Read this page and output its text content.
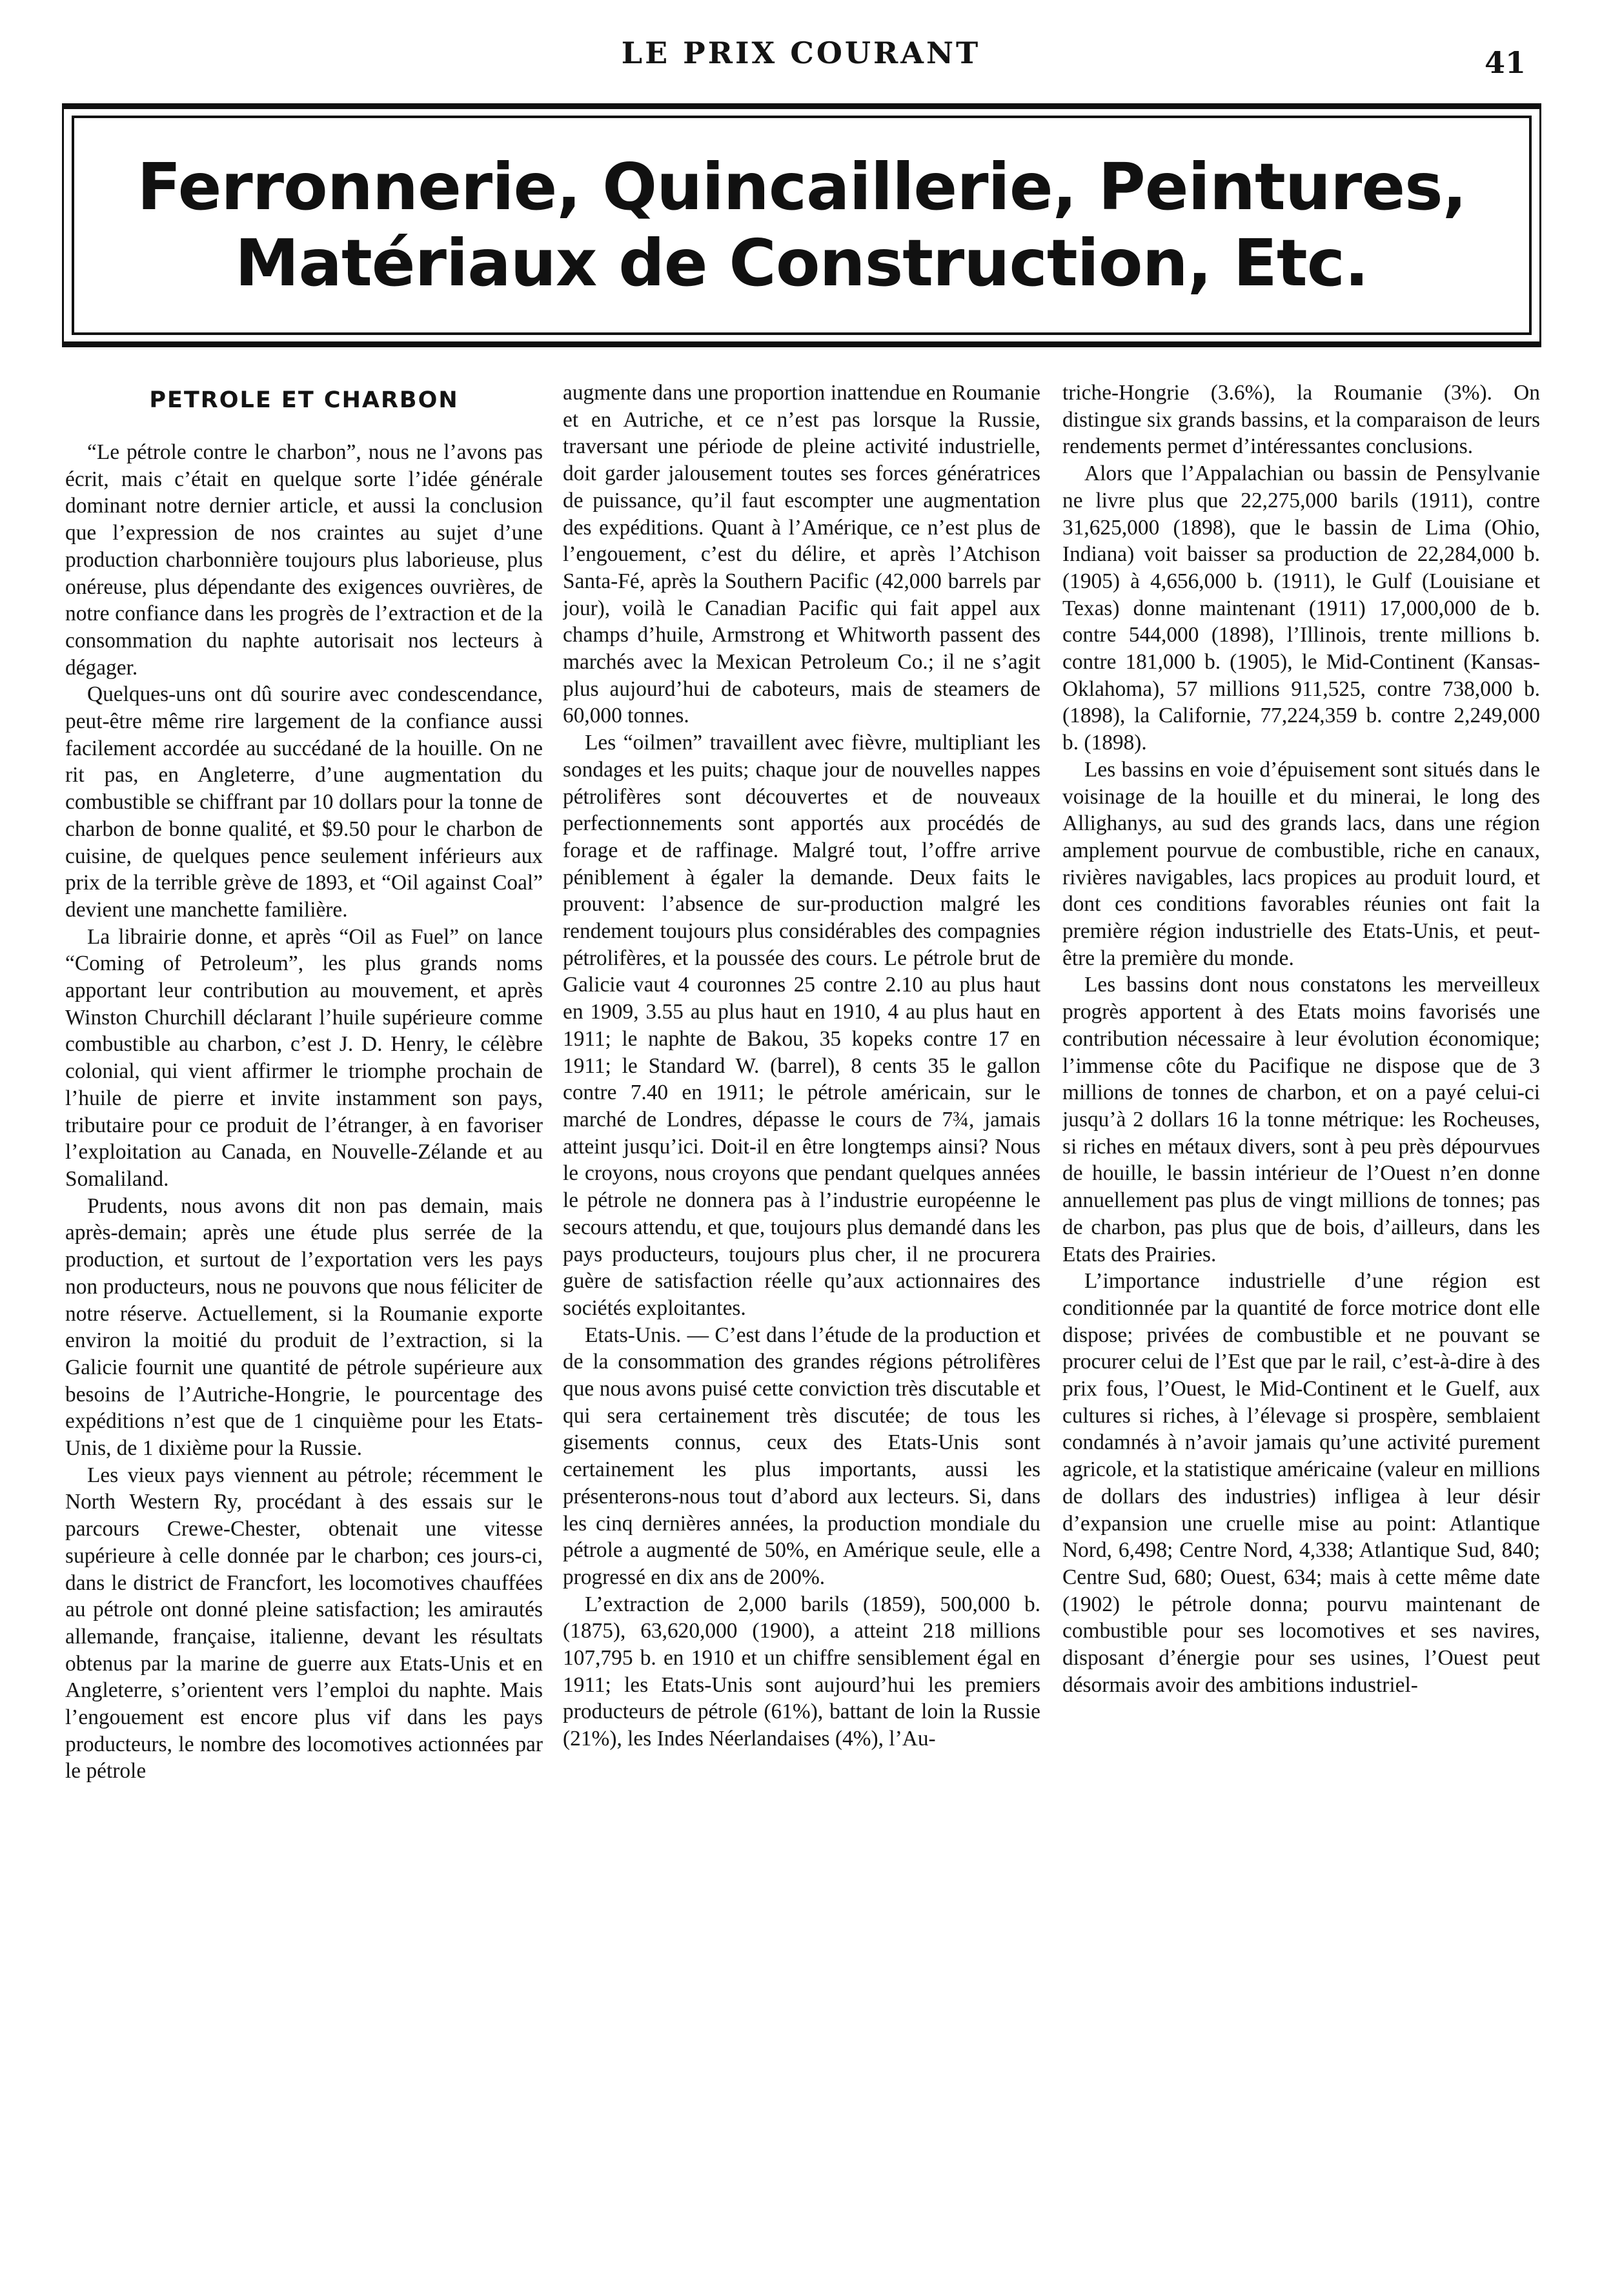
LE PRIX COURANT	41
Ferronnerie, Quincaillerie, Peintures,
Matériaux de Construction, Etc.
PETROLE ET CHARBON

“Le pétrole contre le charbon”, nous ne l’avons pas écrit, mais c’était en quelque sorte l’idée générale dominant notre dernier article, et aussi la conclusion que l’expression de nos craintes au sujet d’une production charbonnière toujours plus laborieuse, plus onéreuse, plus dépendante des exigences ouvrières, de notre confiance dans les progrès de l’extraction et de la consommation du naphte autorisait nos lecteurs à dégager.

Quelques-uns ont dû sourire avec condescendance, peut-être même rire largement de la confiance aussi facilement accordée au succédané de la houille. On ne rit pas, en Angleterre, d’une augmentation du combustible se chiffrant par 10 dollars pour la tonne de charbon de bonne qualité, et $9.50 pour le charbon de cuisine, de quelques pence seulement inférieurs aux prix de la terrible grève de 1893, et “Oil against Coal” devient une manchette familière.

La librairie donne, et après “Oil as Fuel” on lance “Coming of Petroleum”, les plus grands noms apportant leur contribution au mouvement, et après Winston Churchill déclarant l’huile supérieure comme combustible au charbon, c’est J. D. Henry, le célèbre colonial, qui vient affirmer le triomphe prochain de l’huile de pierre et invite instamment son pays, tributaire pour ce produit de l’étranger, à en favoriser l’exploitation au Canada, en Nouvelle-Zélande et au Somaliland.

Prudents, nous avons dit non pas demain, mais après-demain; après une étude plus serrée de la production, et surtout de l’exportation vers les pays non producteurs, nous ne pouvons que nous féliciter de notre réserve. Actuellement, si la Roumanie exporte environ la moitié du produit de l’extraction, si la Galicie fournit une quantité de pétrole supérieure aux besoins de l’Autriche-Hongrie, le pourcentage des expéditions n’est que de 1 cinquième pour les Etats-Unis, de 1 dixième pour la Russie.

Les vieux pays viennent au pétrole; récemment le North Western Ry, procédant à des essais sur le parcours Crewe-Chester, obtenait une vitesse supérieure à celle donnée par le charbon; ces jours-ci, dans le district de Francfort, les locomotives chauffées au pétrole ont donné pleine satisfaction; les amirautés allemande, française, italienne, devant les résultats obtenus par la marine de guerre aux Etats-Unis et en Angleterre, s’orientent vers l’emploi du naphte. Mais l’engouement est encore plus vif dans les pays producteurs, le nombre des locomotives actionnées par le pétrole

augmente dans une proportion inattendue en Roumanie et en Autriche, et ce n’est pas lorsque la Russie, traversant une période de pleine activité industrielle, doit garder jalousement toutes ses forces génératrices de puissance, qu’il faut escompter une augmentation des expéditions. Quant à l’Amérique, ce n’est plus de l’engouement, c’est du délire, et après l’Atchison Santa-Fé, après la Southern Pacific (42,000 barrels par jour), voilà le Canadian Pacific qui fait appel aux champs d’huile, Armstrong et Whitworth passent des marchés avec la Mexican Petroleum Co.; il ne s’agit plus aujourd’hui de caboteurs, mais de steamers de 60,000 tonnes.

Les “oilmen” travaillent avec fièvre, multipliant les sondages et les puits; chaque jour de nouvelles nappes pétrolifères sont découvertes et de nouveaux perfectionnements sont apportés aux procédés de forage et de raffinage. Malgré tout, l’offre arrive péniblement à égaler la demande. Deux faits le prouvent: l’absence de sur-production malgré les rendement toujours plus considérables des compagnies pétrolifères, et la poussée des cours. Le pétrole brut de Galicie vaut 4 couronnes 25 contre 2.10 au plus haut en 1909, 3.55 au plus haut en 1910, 4 au plus haut en 1911; le naphte de Bakou, 35 kopeks contre 17 en 1911; le Standard W. (barrel), 8 cents 35 le gallon contre 7.40 en 1911; le pétrole américain, sur le marché de Londres, dépasse le cours de 7¾, jamais atteint jusqu’ici. Doit-il en être longtemps ainsi? Nous le croyons, nous croyons que pendant quelques années le pétrole ne donnera pas à l’industrie européenne le secours attendu, et que, toujours plus demandé dans les pays producteurs, toujours plus cher, il ne procurera guère de satisfaction réelle qu’aux actionnaires des sociétés exploitantes.

Etats-Unis. — C’est dans l’étude de la production et de la consommation des grandes régions pétrolifères que nous avons puisé cette conviction très discutable et qui sera certainement très discutée; de tous les gisements connus, ceux des Etats-Unis sont certainement les plus importants, aussi les présenterons-nous tout d’abord aux lecteurs. Si, dans les cinq dernières années, la production mondiale du pétrole a augmenté de 50%, en Amérique seule, elle a progressé en dix ans de 200%.

L’extraction de 2,000 barils (1859), 500,000 b. (1875), 63,620,000 (1900), a atteint 218 millions 107,795 b. en 1910 et un chiffre sensiblement égal en 1911; les Etats-Unis sont aujourd’hui les premiers producteurs de pétrole (61%), battant de loin la Russie (21%), les Indes Néerlandaises (4%), l’Au-

triche-Hongrie (3.6%), la Roumanie (3%). On distingue six grands bassins, et la comparaison de leurs rendements permet d’intéressantes conclusions.

Alors que l’Appalachian ou bassin de Pensylvanie ne livre plus que 22,275,000 barils (1911), contre 31,625,000 (1898), que le bassin de Lima (Ohio, Indiana) voit baisser sa production de 22,284,000 b. (1905) à 4,656,000 b. (1911), le Gulf (Louisiane et Texas) donne maintenant (1911) 17,000,000 de b. contre 544,000 (1898), l’Illinois, trente millions b. contre 181,000 b. (1905), le Mid-Continent (Kansas-Oklahoma), 57 millions 911,525, contre 738,000 b. (1898), la Californie, 77,224,359 b. contre 2,249,000 b. (1898).

Les bassins en voie d’épuisement sont situés dans le voisinage de la houille et du minerai, le long des Allighanys, au sud des grands lacs, dans une région amplement pourvue de combustible, riche en canaux, rivières navigables, lacs propices au produit lourd, et dont ces conditions favorables réunies ont fait la première région industrielle des Etats-Unis, et peut-être la première du monde.

Les bassins dont nous constatons les merveilleux progrès apportent à des Etats moins favorisés une contribution nécessaire à leur évolution économique; l’immense côte du Pacifique ne dispose que de 3 millions de tonnes de charbon, et on a payé celui-ci jusqu’à 2 dollars 16 la tonne métrique: les Rocheuses, si riches en métaux divers, sont à peu près dépourvues de houille, le bassin intérieur de l’Ouest n’en donne annuellement pas plus de vingt millions de tonnes; pas de charbon, pas plus que de bois, d’ailleurs, dans les Etats des Prairies.

L’importance industrielle d’une région est conditionnée par la quantité de force motrice dont elle dispose; privées de combustible et ne pouvant se procurer celui de l’Est que par le rail, c’est-à-dire à des prix fous, l’Ouest, le Mid-Continent et le Guelf, aux cultures si riches, à l’élevage si prospère, semblaient condamnés à n’avoir jamais qu’une activité purement agricole, et la statistique américaine (valeur en millions de dollars des industries) infligea à leur désir d’expansion une cruelle mise au point: Atlantique Nord, 6,498; Centre Nord, 4,338; Atlantique Sud, 840; Centre Sud, 680; Ouest, 634; mais à cette même date (1902) le pétrole donna; pourvu maintenant de combustible pour ses locomotives et ses navires, disposant d’énergie pour ses usines, l’Ouest peut désormais avoir des ambitions industriel-
